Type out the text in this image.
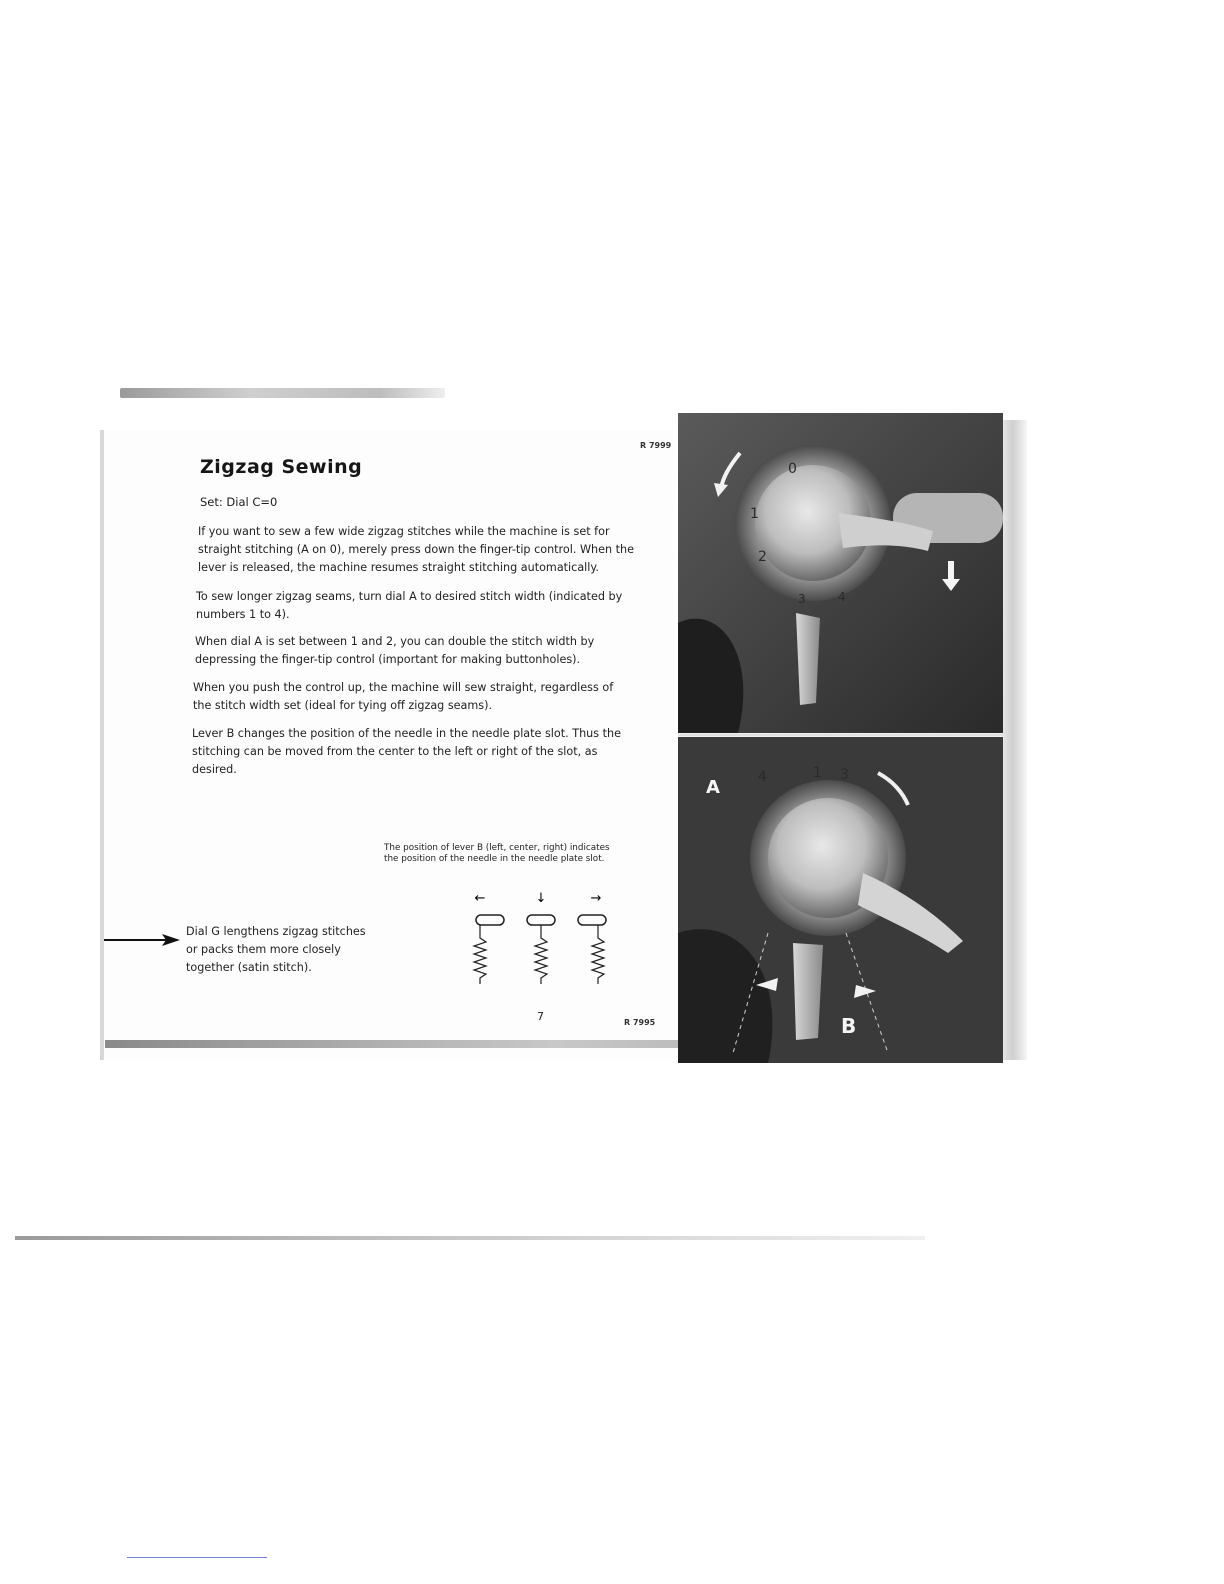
Zigzag Sewing
Set: Dial C=0
If you want to sew a few wide zigzag stitches while the machine is set for straight stitching (A on 0), merely press down the finger-tip control. When the lever is released, the machine resumes straight stitching automatically.
To sew longer zigzag seams, turn dial A to desired stitch width (indicated by numbers 1 to 4).
When dial A is set between 1 and 2, you can double the stitch width by depressing the finger-tip control (important for making buttonholes).
When you push the control up, the machine will sew straight, regardless of the stitch width set (ideal for tying off zigzag seams).
Lever B changes the position of the needle in the needle plate slot. Thus the stitching can be moved from the center to the left or right of the slot, as desired.
R 7999
R 7995
The position of lever B (left, center, right) indicates the position of the needle in the needle plate slot.
←	↓	→
Dial G lengthens zigzag stitches or packs them more closely together (satin stitch).
7
0
1
2
3	4
4	1 3
A
B
